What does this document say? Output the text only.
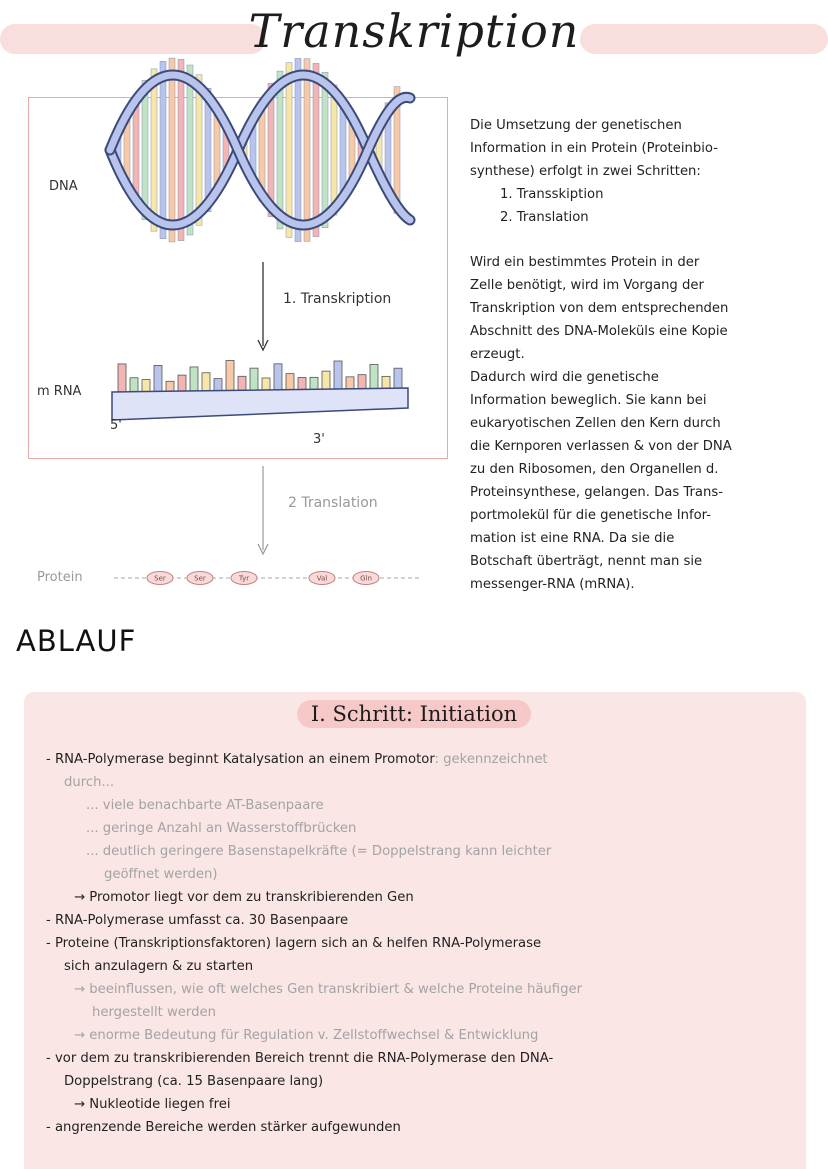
Transkription
Ser	Ser	Tyr	Val	Gln
DNA
1. Transkription
m RNA
5'
3'
2 Translation
Protein

Die Umsetzung der genetischen

Information in ein Protein (Proteinbio-

synthese) erfolgt in zwei Schritten:

1. Transskiption

2. Translation

Wird ein bestimmtes Protein in der

Zelle benötigt, wird im Vorgang der

Transkription von dem entsprechenden

Abschnitt des DNA-Moleküls eine Kopie

erzeugt.

Dadurch wird die genetische

Information beweglich. Sie kann bei

eukaryotischen Zellen den Kern durch

die Kernporen verlassen & von der DNA

zu den Ribosomen, den Organellen d.

Proteinsynthese, gelangen. Das Trans-

portmolekül für die genetische Infor-

mation ist eine RNA. Da sie die

Botschaft überträgt, nennt man sie

messenger-RNA (mRNA).

ABLAUF
I. Schritt: Initiation
- RNA-Polymerase beginnt Katalysation an einem Promotor: gekennzeichnet
durch...
... viele benachbarte AT-Basenpaare
... geringe Anzahl an Wasserstoffbrücken
... deutlich geringere Basenstapelkräfte (= Doppelstrang kann leichter
geöffnet werden)
→ Promotor liegt vor dem zu transkribierenden Gen
- RNA-Polymerase umfasst ca. 30 Basenpaare
- Proteine (Transkriptionsfaktoren) lagern sich an & helfen RNA-Polymerase
sich anzulagern & zu starten
→ beeinflussen, wie oft welches Gen transkribiert & welche Proteine häufiger
hergestellt werden
→ enorme Bedeutung für Regulation v. Zellstoffwechsel & Entwicklung
- vor dem zu transkribierenden Bereich trennt die RNA-Polymerase den DNA-
Doppelstrang (ca. 15 Basenpaare lang)
→ Nukleotide liegen frei
- angrenzende Bereiche werden stärker aufgewunden
